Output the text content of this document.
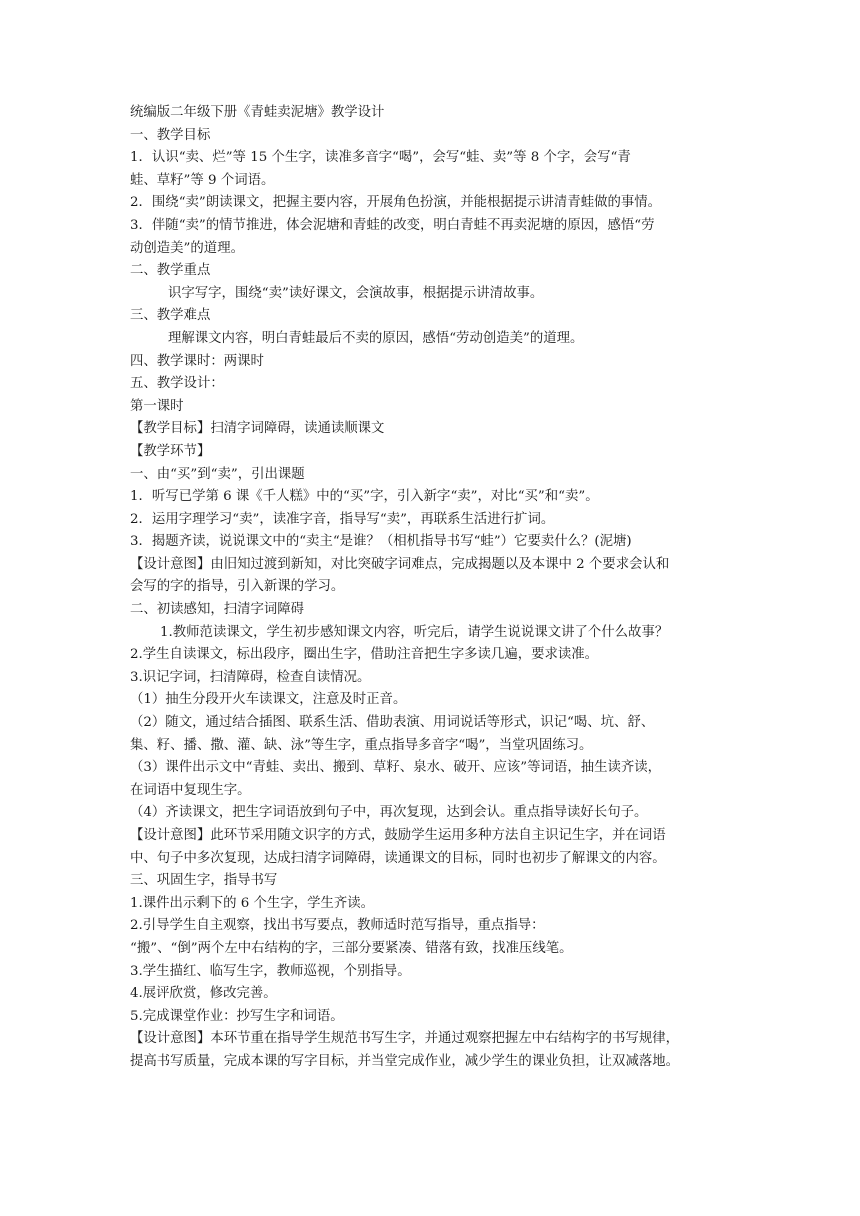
统编版二年级下册《青蛙卖泥塘》教学设计
一、教学目标
1．认识“卖、烂”等 15 个生字，读准多音字“喝”，会写“蛙、卖”等 8 个字，会写“青
蛙、草籽”等 9 个词语。
2．围绕“卖”朗读课文，把握主要内容，开展角色扮演，并能根据提示讲清青蛙做的事情。
3．伴随“卖”的情节推进，体会泥塘和青蛙的改变，明白青蛙不再卖泥塘的原因，感悟“劳
动创造美”的道理。
二、教学重点
识字写字，围绕“卖”读好课文，会演故事，根据提示讲清故事。
三、教学难点
理解课文内容，明白青蛙最后不卖的原因，感悟“劳动创造美”的道理。
四、教学课时：两课时
五、教学设计：
第一课时
【教学目标】扫清字词障碍，读通读顺课文
【教学环节】
一、由“买”到“卖”，引出课题
1．听写已学第 6 课《千人糕》中的“买”字，引入新字“卖”，对比“买”和“卖”。
2．运用字理学习“卖”，读准字音，指导写“卖”，再联系生活进行扩词。
3．揭题齐读，说说课文中的“卖主“是谁？（相机指导书写“蛙”）它要卖什么？(泥塘)
【设计意图】由旧知过渡到新知，对比突破字词难点，完成揭题以及本课中 2 个要求会认和
会写的字的指导，引入新课的学习。
二、初读感知，扫清字词障碍
1.教师范读课文，学生初步感知课文内容，听完后，请学生说说课文讲了个什么故事？
2.学生自读课文，标出段序，圈出生字，借助注音把生字多读几遍，要求读准。
3.识记字词，扫清障碍，检查自读情况。
（1）抽生分段开火车读课文，注意及时正音。
（2）随文，通过结合插图、联系生活、借助表演、用词说话等形式，识记“喝、坑、舒、
集、籽、播、撒、灌、缺、泳”等生字，重点指导多音字“喝”，当堂巩固练习。
（3）课件出示文中“青蛙、卖出、搬到、草籽、泉水、破开、应该”等词语，抽生读齐读，
在词语中复现生字。
（4）齐读课文，把生字词语放到句子中，再次复现，达到会认。重点指导读好长句子。
【设计意图】此环节采用随文识字的方式，鼓励学生运用多种方法自主识记生字，并在词语
中、句子中多次复现，达成扫清字词障碍，读通课文的目标，同时也初步了解课文的内容。
三、巩固生字，指导书写
1.课件出示剩下的 6 个生字，学生齐读。
2.引导学生自主观察，找出书写要点，教师适时范写指导，重点指导：
“搬”、“倒”两个左中右结构的字，三部分要紧凑、错落有致，找准压线笔。
3.学生描红、临写生字，教师巡视，个别指导。
4.展评欣赏，修改完善。
5.完成课堂作业：抄写生字和词语。
【设计意图】本环节重在指导学生规范书写生字，并通过观察把握左中右结构字的书写规律，
提高书写质量，完成本课的写字目标，并当堂完成作业，减少学生的课业负担，让双减落地。
